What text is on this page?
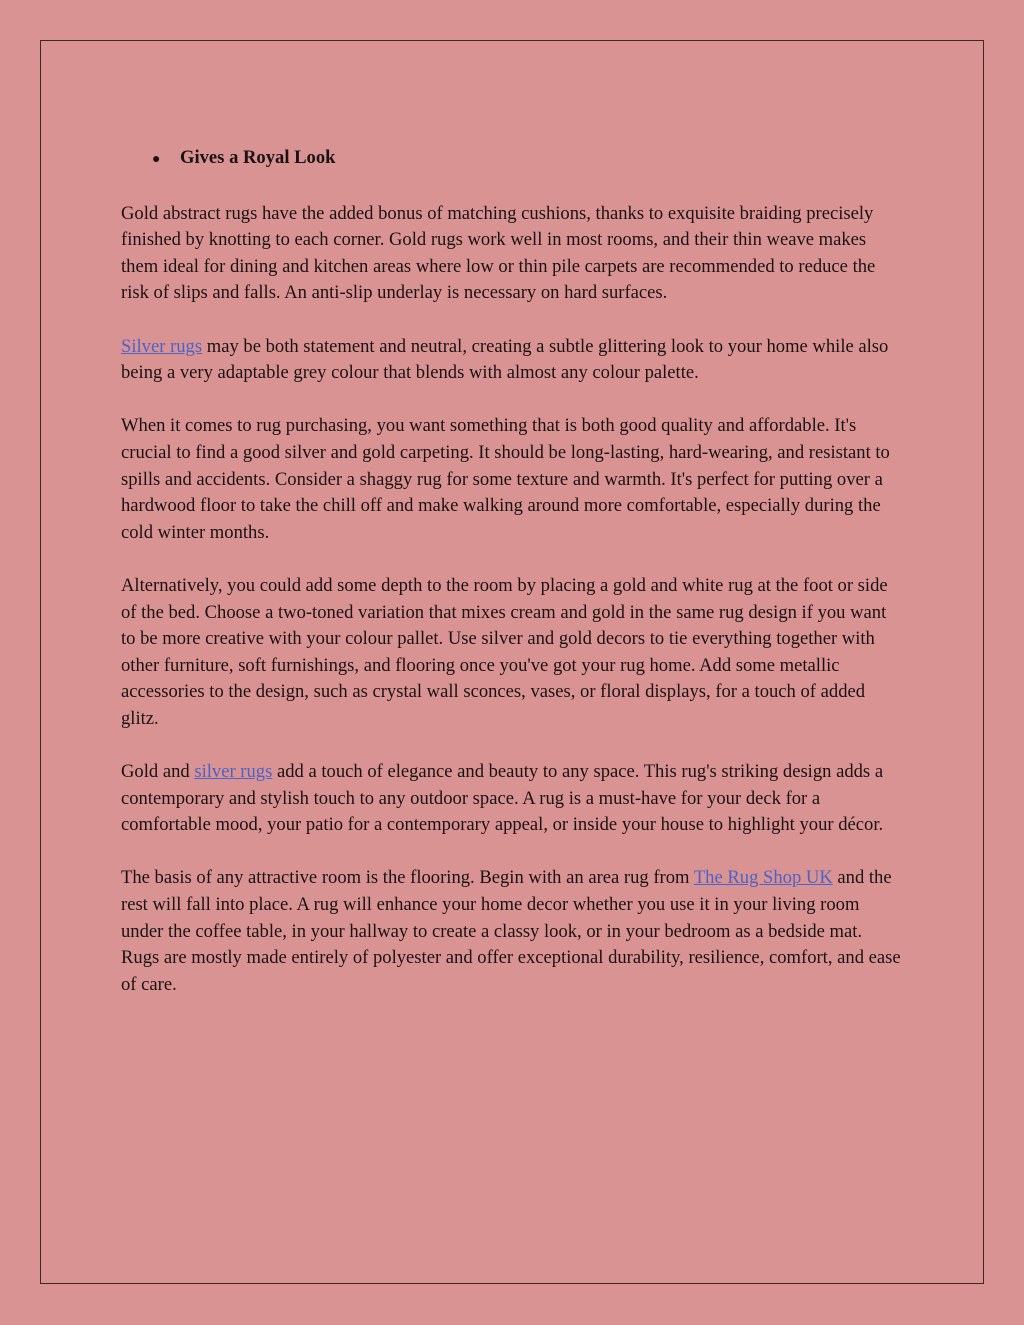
●	Gives a Royal Look

Gold abstract rugs have the added bonus of matching cushions, thanks to exquisite braiding precisely finished by knotting to each corner. Gold rugs work well in most rooms, and their thin weave makes them ideal for dining and kitchen areas where low or thin pile carpets are recommended to reduce the risk of slips and falls. An anti-slip underlay is necessary on hard surfaces.

Silver rugs may be both statement and neutral, creating a subtle glittering look to your home while also being a very adaptable grey colour that blends with almost any colour palette.

When it comes to rug purchasing, you want something that is both good quality and affordable. It's crucial to find a good silver and gold carpeting. It should be long-lasting, hard-wearing, and resistant to spills and accidents. Consider a shaggy rug for some texture and warmth. It's perfect for putting over a hardwood floor to take the chill off and make walking around more comfortable, especially during the cold winter months.

Alternatively, you could add some depth to the room by placing a gold and white rug at the foot or side of the bed. Choose a two-toned variation that mixes cream and gold in the same rug design if you want to be more creative with your colour pallet. Use silver and gold decors to tie everything together with other furniture, soft furnishings, and flooring once you've got your rug home. Add some metallic accessories to the design, such as crystal wall sconces, vases, or floral displays, for a touch of added glitz.

Gold and silver rugs add a touch of elegance and beauty to any space. This rug's striking design adds a contemporary and stylish touch to any outdoor space. A rug is a must-have for your deck for a comfortable mood, your patio for a contemporary appeal, or inside your house to highlight your décor.

The basis of any attractive room is the flooring. Begin with an area rug from The Rug Shop UK and the rest will fall into place. A rug will enhance your home decor whether you use it in your living room under the coffee table, in your hallway to create a classy look, or in your bedroom as a bedside mat. Rugs are mostly made entirely of polyester and offer exceptional durability, resilience, comfort, and ease of care.
